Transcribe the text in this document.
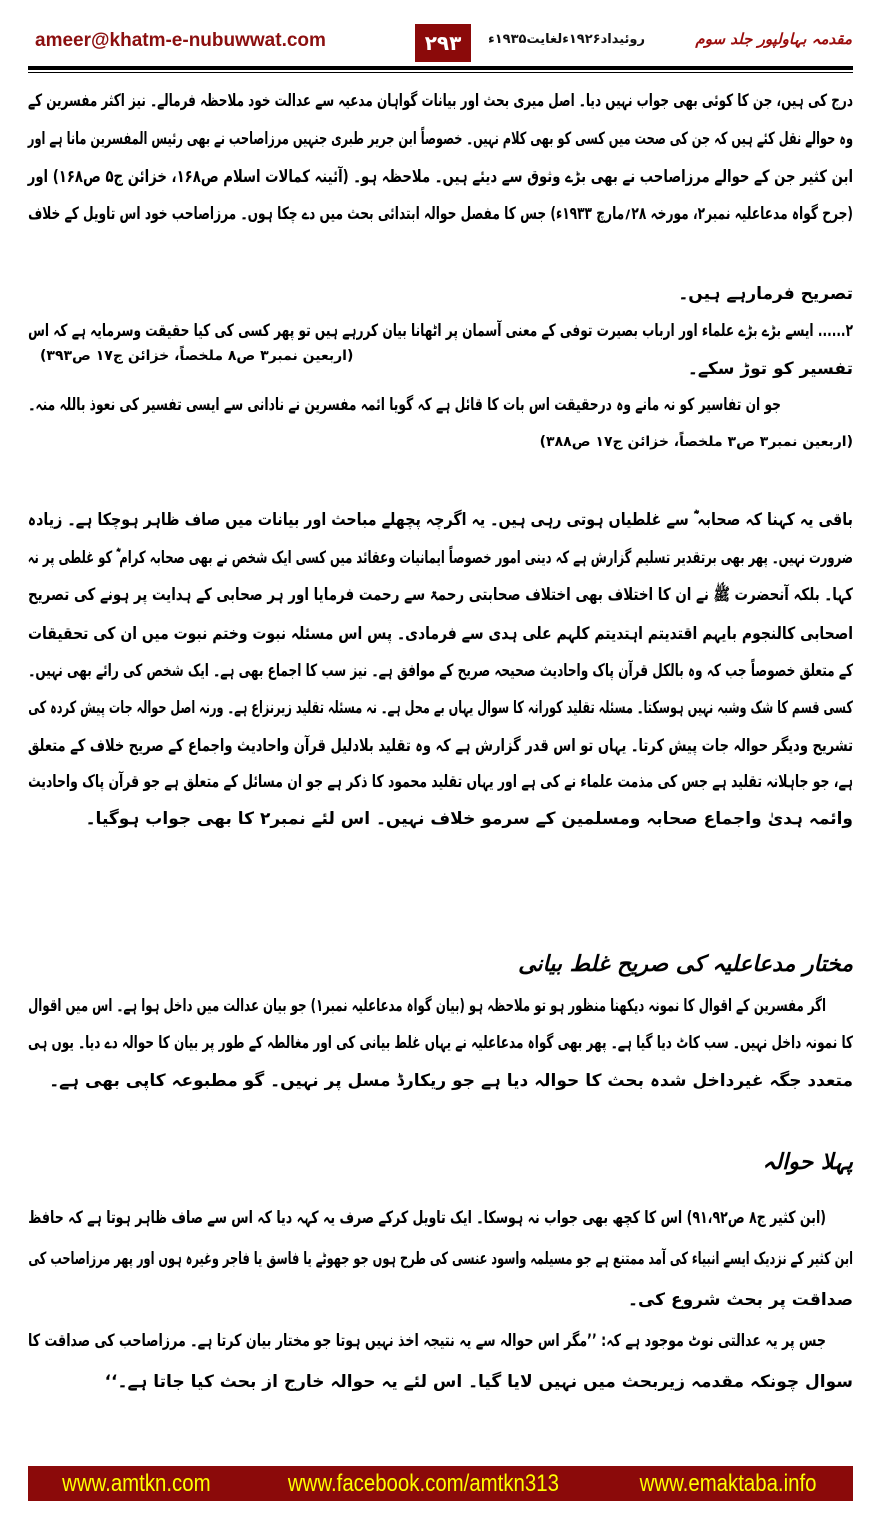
ameer@khatm-e-nubuwwat.com	۲۹۳	روئیداد۱۹۲۶ءلغایت۱۹۳۵ء	مقدمہ بہاولپور جلد سوم
درج کی ہیں، جن کا کوئی بھی جواب نہیں دیا۔ اصل میری بحث اور بیانات گواہان مدعیہ سے عدالت خود ملاحظہ فرمالے۔ نیز اکثر مفسرین کے
وہ حوالے نقل کئے ہیں کہ جن کی صحت میں کسی کو بھی کلام نہیں۔ خصوصاً ابن جریر طبری جنہیں مرزاصاحب نے بھی رئیس المفسرین مانا ہے اور
ابن کثیر جن کے حوالے مرزاصاحب نے بھی بڑے وثوق سے دیئے ہیں۔ ملاحظہ ہو۔ (آئینہ کمالات اسلام ص۱۶۸، خزائن ج۵ ص۱۶۸) اور
(جرح گواہ مدعاعلیہ نمبر۲، مورخہ ۲۸؍مارچ ۱۹۳۳ء) جس کا مفصل حوالہ ابتدائی بحث میں دے چکا ہوں۔ مرزاصاحب خود اس تاویل کے خلاف
تصریح فرمارہے ہیں۔
۲...... ایسے بڑے بڑے علماء اور ارباب بصیرت توفی کے معنی آسمان پر اٹھانا بیان کررہے ہیں تو پھر کسی کی کیا حقیقت وسرمایہ ہے کہ اس
تفسیر کو توڑ سکے۔
(اربعین نمبر۳ ص۸ ملخصاً، خزائن ج۱۷ ص۳۹۳)
جو ان تفاسیر کو نہ مانے وہ درحقیقت اس بات کا قائل ہے کہ گویا ائمہ مفسرین نے نادانی سے ایسی تفسیر کی نعوذ باللہ منہ۔
(اربعین نمبر۳ ص۳ ملخصاً، خزائن ج۱۷ ص۳۸۸)
باقی یہ کہنا کہ صحابہ ؓ سے غلطیاں ہوتی رہی ہیں۔ یہ اگرچہ پچھلے مباحث اور بیانات میں صاف ظاہر ہوچکا ہے۔ زیادہ
ضرورت نہیں۔ پھر بھی برتقدیر تسلیم گزارش ہے کہ دینی امور خصوصاً ایمانیات وعقائد میں کسی ایک شخص نے بھی صحابہ کرام ؓ کو غلطی پر نہ
کہا۔ بلکہ آنحضرت ﷺ نے ان کا اختلاف بھی اختلاف صحابتی رحمۃ سے رحمت فرمایا اور ہر صحابی کے ہدایت پر ہونے کی تصریح
اصحابی کالنجوم بایہم اقتدیتم اہتدیتم کلہم علی ہدی سے فرمادی۔ پس اس مسئلہ نبوت وختم نبوت میں ان کی تحقیقات
کے متعلق خصوصاً جب کہ وہ بالکل قرآن پاک واحادیث صحیحہ صریح کے موافق ہے۔ نیز سب کا اجماع بھی ہے۔ ایک شخص کی رائے بھی نہیں۔
کسی قسم کا شک وشبہ نہیں ہوسکتا۔ مسئلہ تقلید کورانہ کا سوال یہاں بے محل ہے۔ نہ مسئلہ تقلید زیرنزاع ہے۔ ورنہ اصل حوالہ جات پیش کردہ کی
تشریح ودیگر حوالہ جات پیش کرتا۔ یہاں تو اس قدر گزارش ہے کہ وہ تقلید بلادلیل قرآن واحادیث واجماع کے صریح خلاف کے متعلق
ہے، جو جاہلانہ تقلید ہے جس کی مذمت علماء نے کی ہے اور یہاں تقلید محمود کا ذکر ہے جو ان مسائل کے متعلق ہے جو قرآن پاک واحادیث
وائمہ ہدیٰ واجماع صحابہ ومسلمین کے سرمو خلاف نہیں۔ اس لئے نمبر۲ کا بھی جواب ہوگیا۔
مختار مدعاعلیہ کی صریح غلط بیانی
اگر مفسرین کے اقوال کا نمونہ دیکھنا منظور ہو تو ملاحظہ ہو (بیان گواہ مدعاعلیہ نمبر۱) جو بیان عدالت میں داخل ہوا ہے۔ اس میں اقوال
کا نمونہ داخل نہیں۔ سب کاٹ دیا گیا ہے۔ پھر بھی گواہ مدعاعلیہ نے یہاں غلط بیانی کی اور مغالطہ کے طور پر بیان کا حوالہ دے دیا۔ یوں ہی
متعدد جگہ غیرداخل شدہ بحث کا حوالہ دیا ہے جو ریکارڈ مسل پر نہیں۔ گو مطبوعہ کاپی بھی ہے۔
پہلا حوالہ
(ابن کثیر ج۸ ص۹۱،۹۲) اس کا کچھ بھی جواب نہ ہوسکا۔ ایک تاویل کرکے صرف یہ کہہ دیا کہ اس سے صاف ظاہر ہوتا ہے کہ حافظ
ابن کثیر کے نزدیک ایسے انبیاء کی آمد ممتنع ہے جو مسیلمہ واسود عنسی کی طرح ہوں جو جھوٹے یا فاسق یا فاجر وغیرہ ہوں اور پھر مرزاصاحب کی
صداقت پر بحث شروع کی۔
جس پر یہ عدالتی نوٹ موجود ہے کہ: ’’مگر اس حوالہ سے یہ نتیجہ اخذ نہیں ہوتا جو مختار بیان کرتا ہے۔ مرزاصاحب کی صداقت کا
سوال چونکہ مقدمہ زیربحث میں نہیں لایا گیا۔ اس لئے یہ حوالہ خارج از بحث کیا جاتا ہے۔‘‘
www.amtkn.com	www.facebook.com/amtkn313	www.emaktaba.info
